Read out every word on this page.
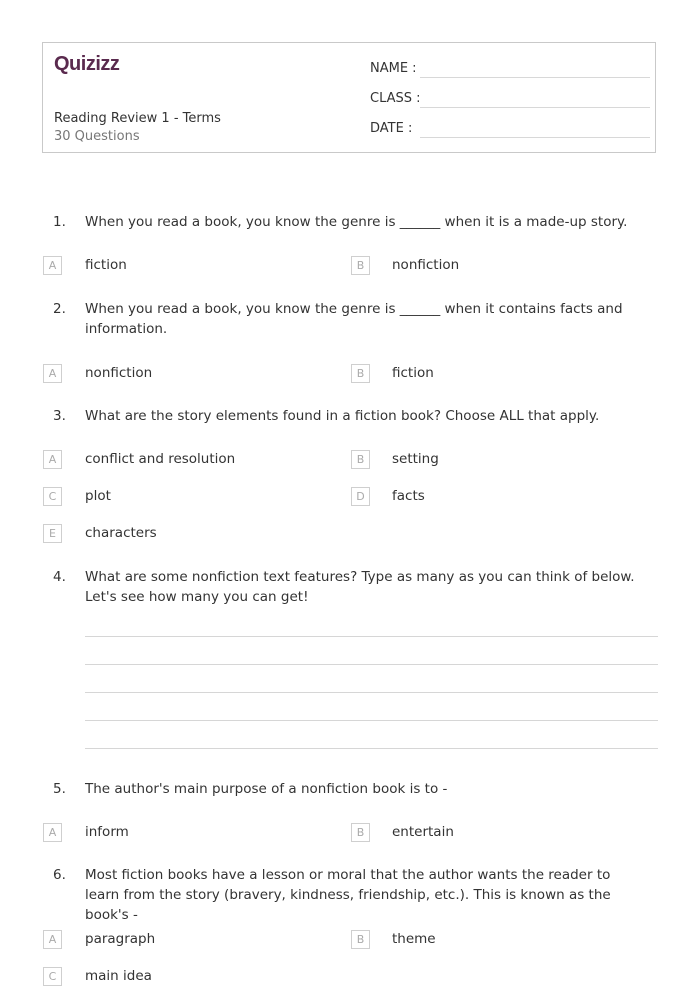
Quizizz
Reading Review 1 - Terms
30 Questions
NAME :
CLASS :
DATE :
1.	When you read a book, you know the genre is ______ when it is a made-up story.
A	fiction	B	nonfiction
2.	When you read a book, you know the genre is ______ when it contains facts and information.
A	nonfiction	B	fiction
3.	What are the story elements found in a fiction book? Choose ALL that apply.
A	conflict and resolution	B	setting
C	plot	D	facts
E	characters
4.	What are some nonfiction text features? Type as many as you can think of below. Let's see how many you can get!
5.	The author's main purpose of a nonfiction book is to -
A	inform	B	entertain
6.	Most fiction books have a lesson or moral that the author wants the reader to learn from the story (bravery, kindness, friendship, etc.). This is known as the book's -
A	paragraph	B	theme
C	main idea
